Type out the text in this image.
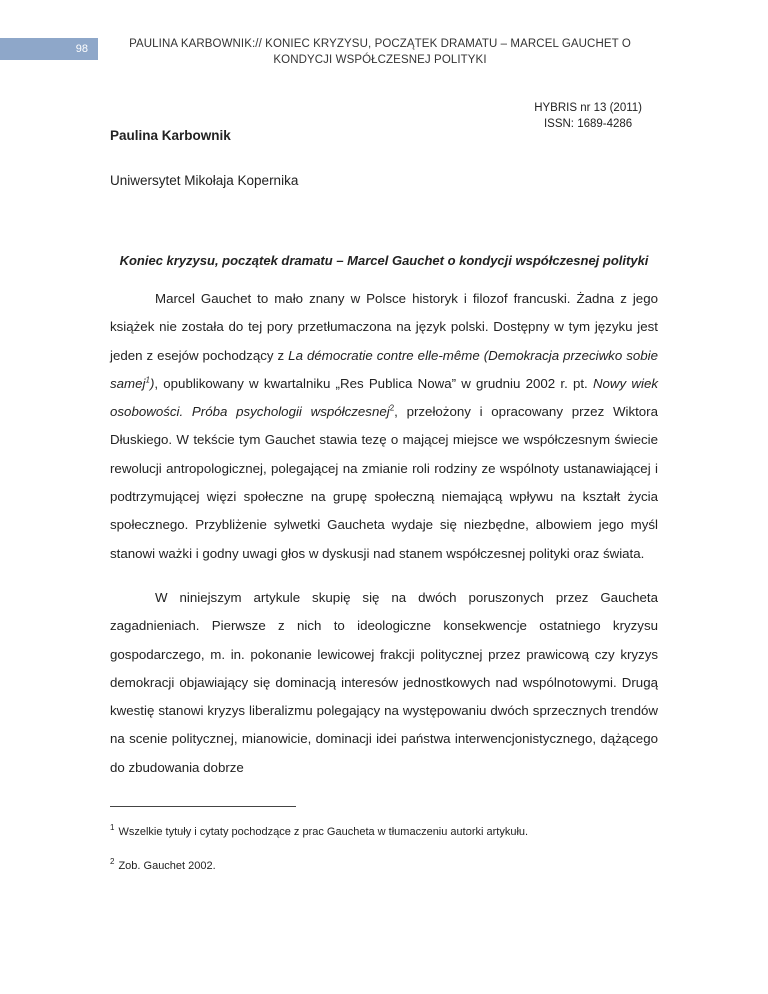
98	PAULINA KARBOWNIK:// KONIEC KRYZYSU, POCZĄTEK DRAMATU – MARCEL GAUCHET O KONDYCJI WSPÓŁCZESNEJ POLITYKI
HYBRIS nr 13 (2011)
ISSN: 1689-4286
Paulina Karbownik
Uniwersytet Mikołaja Kopernika
Koniec kryzysu, początek dramatu – Marcel Gauchet o kondycji współczesnej polityki

Marcel Gauchet to mało znany w Polsce historyk i filozof francuski. Żadna z jego książek nie została do tej pory przetłumaczona na język polski. Dostępny w tym języku jest jeden z esejów pochodzący z La démocratie contre elle-même (Demokracja przeciwko sobie samej$^1$), opublikowany w kwartalniku „Res Publica Nowa” w grudniu 2002 r. pt. Nowy wiek osobowości. Próba psychologii współczesnej$^2$, przełożony i opracowany przez Wiktora Dłuskiego. W tekście tym Gauchet stawia tezę o mającej miejsce we współczesnym świecie rewolucji antropologicznej, polegającej na zmianie roli rodziny ze wspólnoty ustanawiającej i podtrzymującej więzi społeczne na grupę społeczną niemającą wpływu na kształt życia społecznego. Przybliżenie sylwetki Gaucheta wydaje się niezbędne, albowiem jego myśl stanowi ważki i godny uwagi głos w dyskusji nad stanem współczesnej polityki oraz świata.

W niniejszym artykule skupię się na dwóch poruszonych przez Gaucheta zagadnieniach. Pierwsze z nich to ideologiczne konsekwencje ostatniego kryzysu gospodarczego, m. in. pokonanie lewicowej frakcji politycznej przez prawicową czy kryzys demokracji objawiający się dominacją interesów jednostkowych nad wspólnotowymi. Drugą kwestię stanowi kryzys liberalizmu polegający na występowaniu dwóch sprzecznych trendów na scenie politycznej, mianowicie, dominacji idei państwa interwencjonistycznego, dążącego do zbudowania dobrze

$^1$ Wszelkie tytuły i cytaty pochodzące z prac Gaucheta w tłumaczeniu autorki artykułu.
$^2$ Zob. Gauchet 2002.
